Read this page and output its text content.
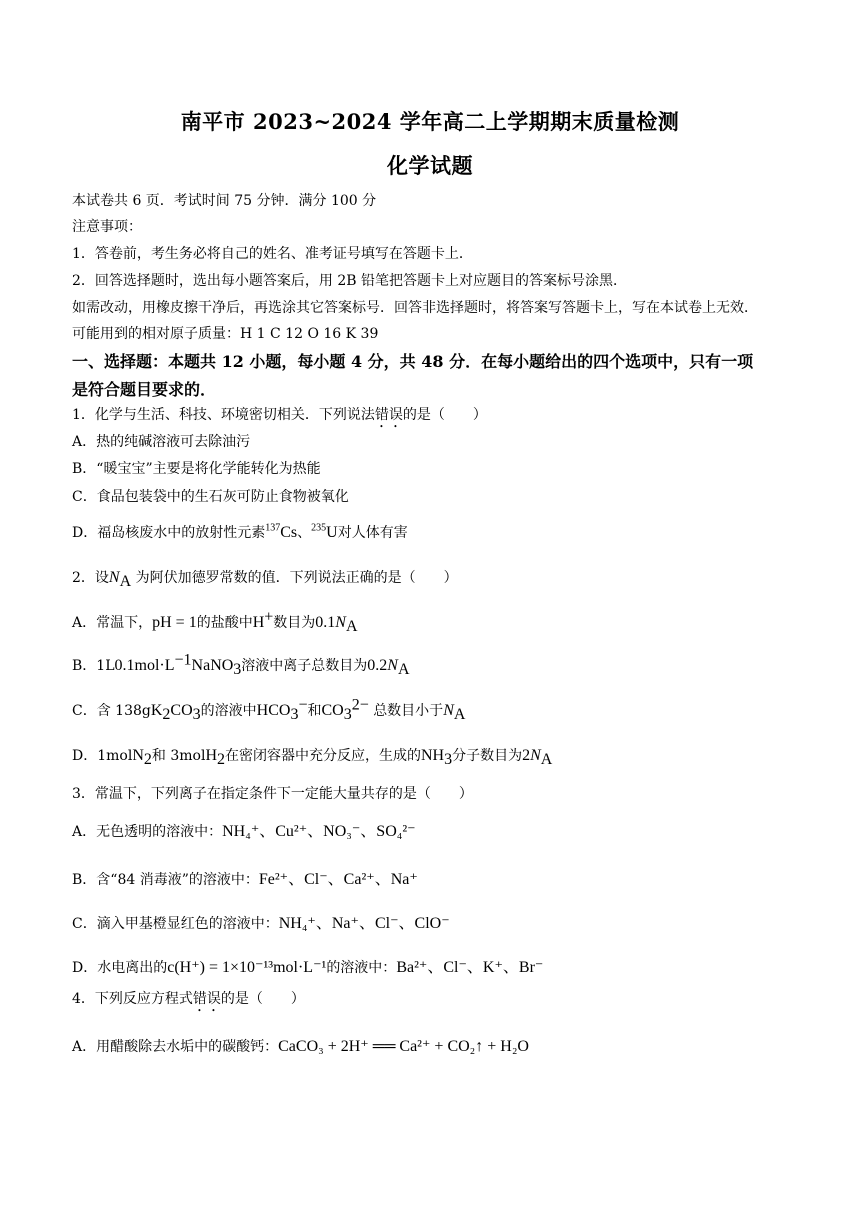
南平市 2023~2024 学年高二上学期期末质量检测
化学试题
本试卷共 6 页．考试时间 75 分钟．满分 100 分
注意事项：
1．答卷前，考生务必将自己的姓名、准考证号填写在答题卡上．
2．回答选择题时，选出每小题答案后，用 2B 铅笔把答题卡上对应题目的答案标号涂黑．
如需改动，用橡皮擦干净后，再选涂其它答案标号．回答非选择题时，将答案写答题卡上，写在本试卷上无效．
可能用到的相对原子质量：H 1 C 12 O 16 K 39
一、选择题：本题共 12 小题，每小题 4 分，共 48 分．在每小题给出的四个选项中，只有一项
是符合题目要求的．
1．化学与生活、科技、环境密切相关．下列说法错误的是（　　）
A．热的纯碱溶液可去除油污
B．“暖宝宝”主要是将化学能转化为热能
C．食品包装袋中的生石灰可防止食物被氧化
D．福岛核废水中的放射性元素$^{137}$Cs、$^{235}$U对人体有害
2．设$N_A$ 为阿伏加德罗常数的值．下列说法正确的是（　　）
A．常温下，pH = 1的盐酸中H+数目为$0.1N_A$
B．$1L0.1mol\cdot L^{-1}NaNO_3$溶液中离子总数目为$0.2N_A$
C．含 $138gK_2CO_3$的溶液中$HCO_3^-$和$CO_3^{2-}$ 总数目小于$N_A$
D．1molN$_2$和 3molH$_2$在密闭容器中充分反应，生成的$NH_3$分子数目为$2N_A$
3．常温下，下列离子在指定条件下一定能大量共存的是（　　）
A．无色透明的溶液中：NH₄⁺、Cu²⁺、NO₃⁻、SO₄²⁻
B．含“84 消毒液”的溶液中：Fe²⁺、Cl⁻、Ca²⁺、Na⁺
C．滴入甲基橙显红色的溶液中：NH₄⁺、Na⁺、Cl⁻、ClO⁻
D．水电离出的c(H⁺) = 1×10⁻¹³mol·L⁻¹的溶液中：Ba²⁺、Cl⁻、K⁺、Br⁻
4．下列反应方程式错误的是（　　）
A．用醋酸除去水垢中的碳酸钙：CaCO₃ + 2H⁺ ══ Ca²⁺ + CO₂↑ + H₂O
